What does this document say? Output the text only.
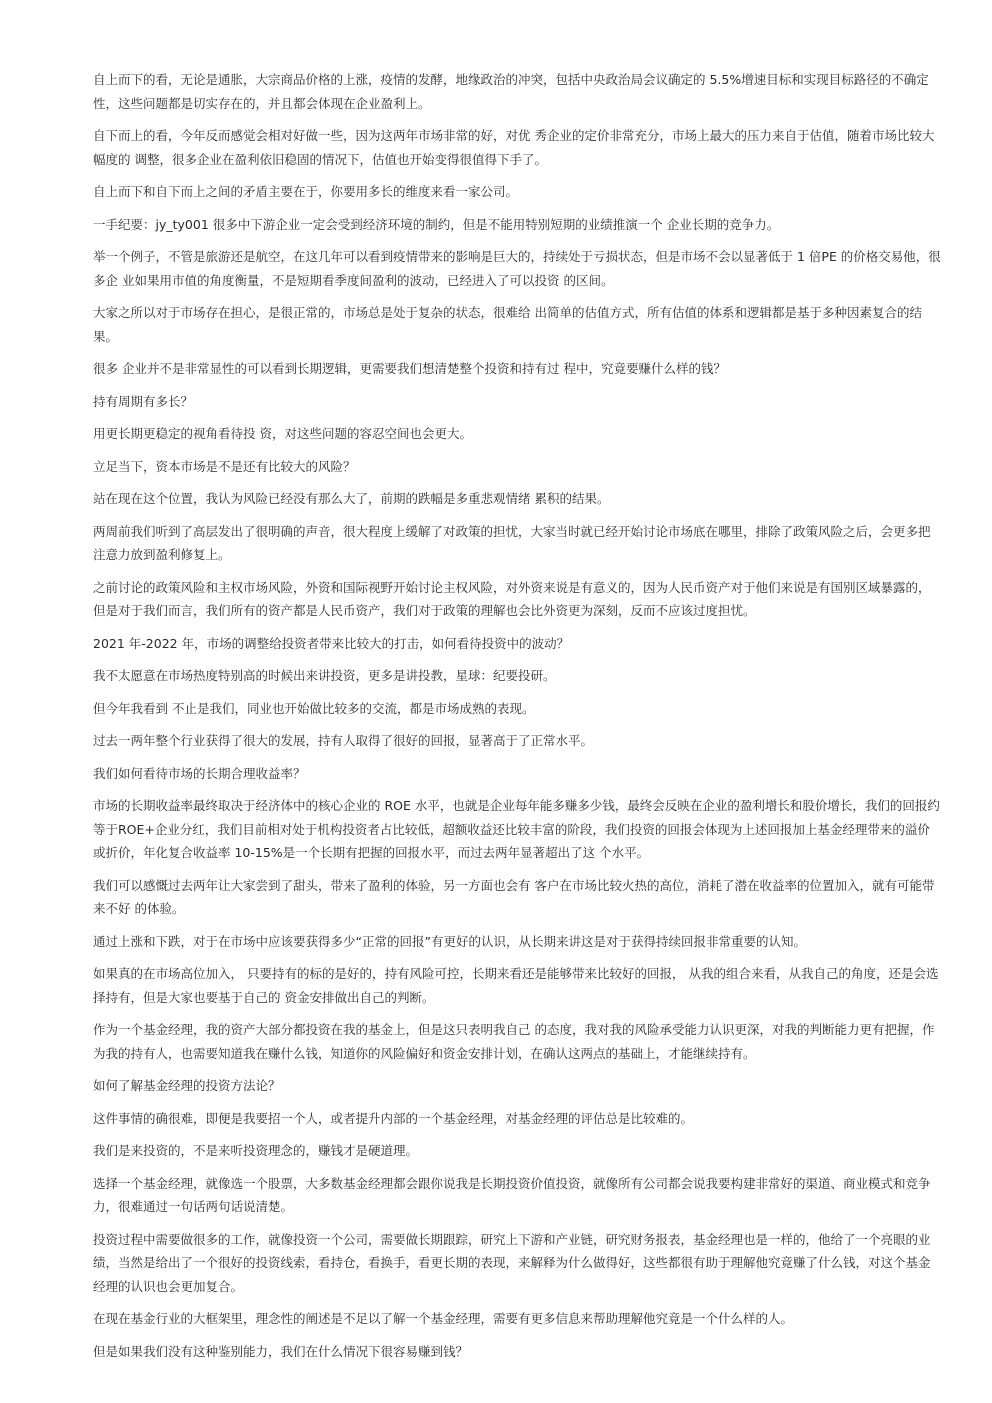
自上而下的看，无论是通胀，大宗商品价格的上涨，疫情的发酵，地缘政治的冲突，包括中央政治局会议确定的 5.5%增速目标和实现目标路径的不确定性，这些问题都是切实存在的，并且都会体现在企业盈利上。

自下而上的看，今年反而感觉会相对好做一些，因为这两年市场非常的好，对优 秀企业的定价非常充分，市场上最大的压力来自于估值，随着市场比较大幅度的 调整，很多企业在盈利依旧稳固的情况下，估值也开始变得很值得下手了。

自上而下和自下而上之间的矛盾主要在于，你要用多长的维度来看一家公司。

一手纪要：jy_ty001 很多中下游企业一定会受到经济环境的制约，但是不能用特别短期的业绩推演一个 企业长期的竞争力。

举一个例子，不管是旅游还是航空，在这几年可以看到疫情带来的影响是巨大的，持续处于亏损状态，但是市场不会以显著低于 1 倍PE 的价格交易他，很多企 业如果用市值的角度衡量，不是短期看季度间盈利的波动，已经进入了可以投资 的区间。

大家之所以对于市场存在担心，是很正常的，市场总是处于复杂的状态，很难给 出简单的估值方式，所有估值的体系和逻辑都是基于多种因素复合的结果。

很多 企业并不是非常显性的可以看到长期逻辑，更需要我们想清楚整个投资和持有过 程中，究竟要赚什么样的钱？

持有周期有多长？

用更长期更稳定的视角看待投 资，对这些问题的容忍空间也会更大。

立足当下，资本市场是不是还有比较大的风险？

站在现在这个位置，我认为风险已经没有那么大了，前期的跌幅是多重悲观情绪 累积的结果。

两周前我们听到了高层发出了很明确的声音，很大程度上缓解了对政策的担忧，大家当时就已经开始讨论市场底在哪里，排除了政策风险之后，会更多把注意力放到盈利修复上。

之前讨论的政策风险和主权市场风险，外资和国际视野开始讨论主权风险，对外资来说是有意义的，因为人民币资产对于他们来说是有国别区域暴露的，但是对于我们而言，我们所有的资产都是人民币资产，我们对于政策的理解也会比外资更为深刻，反而不应该过度担忧。

2021 年-2022 年，市场的调整给投资者带来比较大的打击，如何看待投资中的波动？

我不太愿意在市场热度特别高的时候出来讲投资，更多是讲投教，星球：纪要投研。

但今年我看到 不止是我们，同业也开始做比较多的交流，都是市场成熟的表现。

过去一两年整个行业获得了很大的发展，持有人取得了很好的回报，显著高于了正常水平。

我们如何看待市场的长期合理收益率？

市场的长期收益率最终取决于经济体中的核心企业的 ROE 水平，也就是企业每年能多赚多少钱，最终会反映在企业的盈利增长和股价增长，我们的回报约等于ROE+企业分红，我们目前相对处于机构投资者占比较低，超额收益还比较丰富的阶段，我们投资的回报会体现为上述回报加上基金经理带来的溢价或折价，年化复合收益率 10-15%是一个长期有把握的回报水平，而过去两年显著超出了这 个水平。

我们可以感慨过去两年让大家尝到了甜头，带来了盈利的体验，另一方面也会有 客户在市场比较火热的高位，消耗了潜在收益率的位置加入，就有可能带来不好 的体验。

通过上涨和下跌，对于在市场中应该要获得多少“正常的回报”有更好的认识，从长期来讲这是对于获得持续回报非常重要的认知。

如果真的在市场高位加入， 只要持有的标的是好的，持有风险可控，长期来看还是能够带来比较好的回报， 从我的组合来看，从我自己的角度，还是会选择持有，但是大家也要基于自己的 资金安排做出自己的判断。

作为一个基金经理，我的资产大部分都投资在我的基金上，但是这只表明我自己 的态度，我对我的风险承受能力认识更深，对我的判断能力更有把握，作为我的持有人，也需要知道我在赚什么钱，知道你的风险偏好和资金安排计划，在确认这两点的基础上，才能继续持有。

如何了解基金经理的投资方法论？

这件事情的确很难，即便是我要招一个人，或者提升内部的一个基金经理，对基金经理的评估总是比较难的。

我们是来投资的，不是来听投资理念的，赚钱才是硬道理。

选择一个基金经理，就像选一个股票，大多数基金经理都会跟你说我是长期投资价值投资，就像所有公司都会说我要构建非常好的渠道、商业模式和竞争力，很难通过一句话两句话说清楚。

投资过程中需要做很多的工作，就像投资一个公司，需要做长期跟踪，研究上下游和产业链，研究财务报表，基金经理也是一样的，他给了一个亮眼的业绩，当然是给出了一个很好的投资线索，看持仓，看换手，看更长期的表现，来解释为什么做得好，这些都很有助于理解他究竟赚了什么钱，对这个基金经理的认识也会更加复合。

在现在基金行业的大框架里，理念性的阐述是不足以了解一个基金经理，需要有更多信息来帮助理解他究竟是一个什么样的人。

但是如果我们没有这种鉴别能力，我们在什么情况下很容易赚到钱？
